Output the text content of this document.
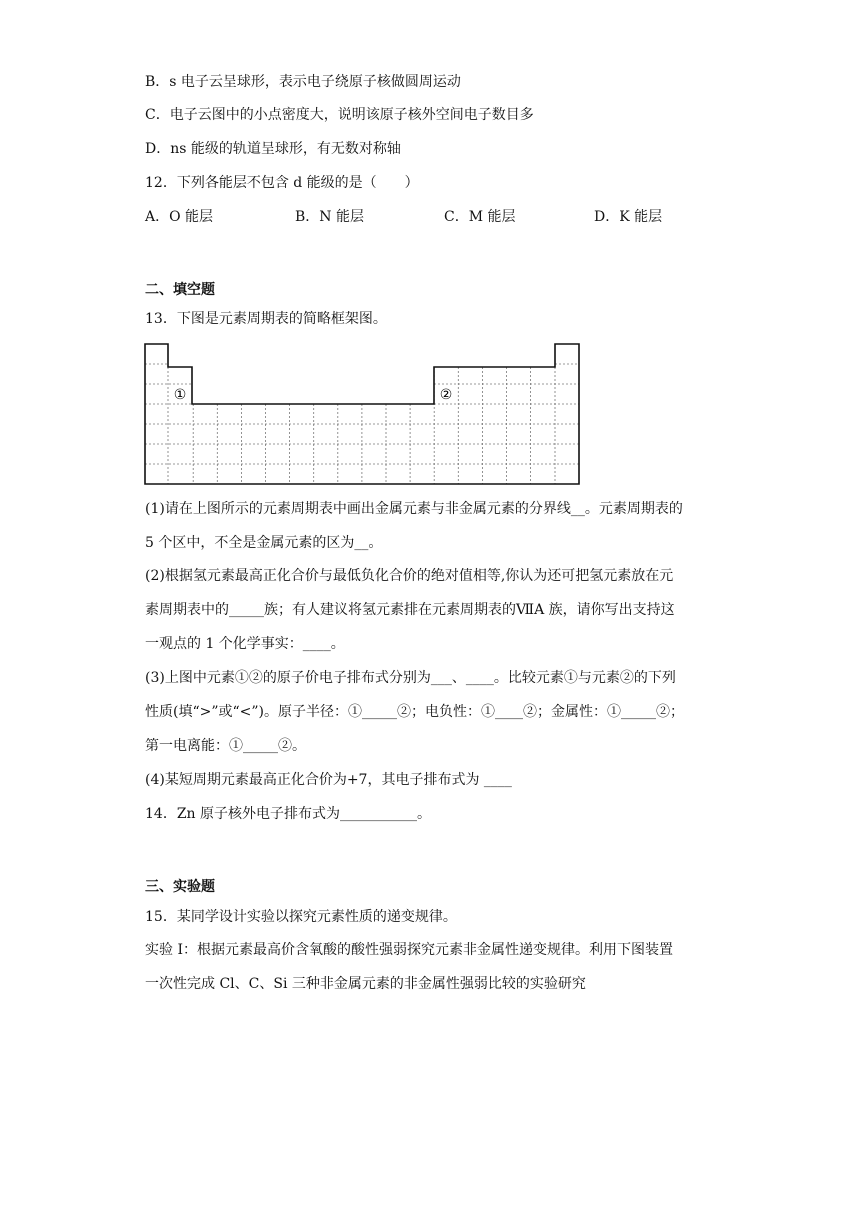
B．s 电子云呈球形，表示电子绕原子核做圆周运动
C．电子云图中的小点密度大，说明该原子核外空间电子数目多
D．ns 能级的轨道呈球形，有无数对称轴
12．下列各能层不包含 d 能级的是（　　）
A．O 能层	B．N 能层	C．M 能层	D．K 能层
二、填空题
13．下图是元素周期表的简略框架图。
①	②
(1)请在上图所示的元素周期表中画出金属元素与非金属元素的分界线__。元素周期表的
5 个区中，不全是金属元素的区为__。
(2)根据氢元素最高正化合价与最低负化合价的绝对值相等,你认为还可把氢元素放在元
素周期表中的_____族；有人建议将氢元素排在元素周期表的ⅦA 族，请你写出支持这
一观点的 1 个化学事实：____。
(3)上图中元素①②的原子价电子排布式分别为___、____。比较元素①与元素②的下列
性质(填“>”或“<”)。原子半径：①_____②；电负性：①____②；金属性：①_____②；
第一电离能：①_____②。
(4)某短周期元素最高正化合价为+7，其电子排布式为 ____
14．Zn 原子核外电子排布式为___________。
三、实验题
15．某同学设计实验以探究元素性质的递变规律。
实验 I：根据元素最高价含氧酸的酸性强弱探究元素非金属性递变规律。利用下图装置
一次性完成 Cl、C、Si 三种非金属元素的非金属性强弱比较的实验研究
